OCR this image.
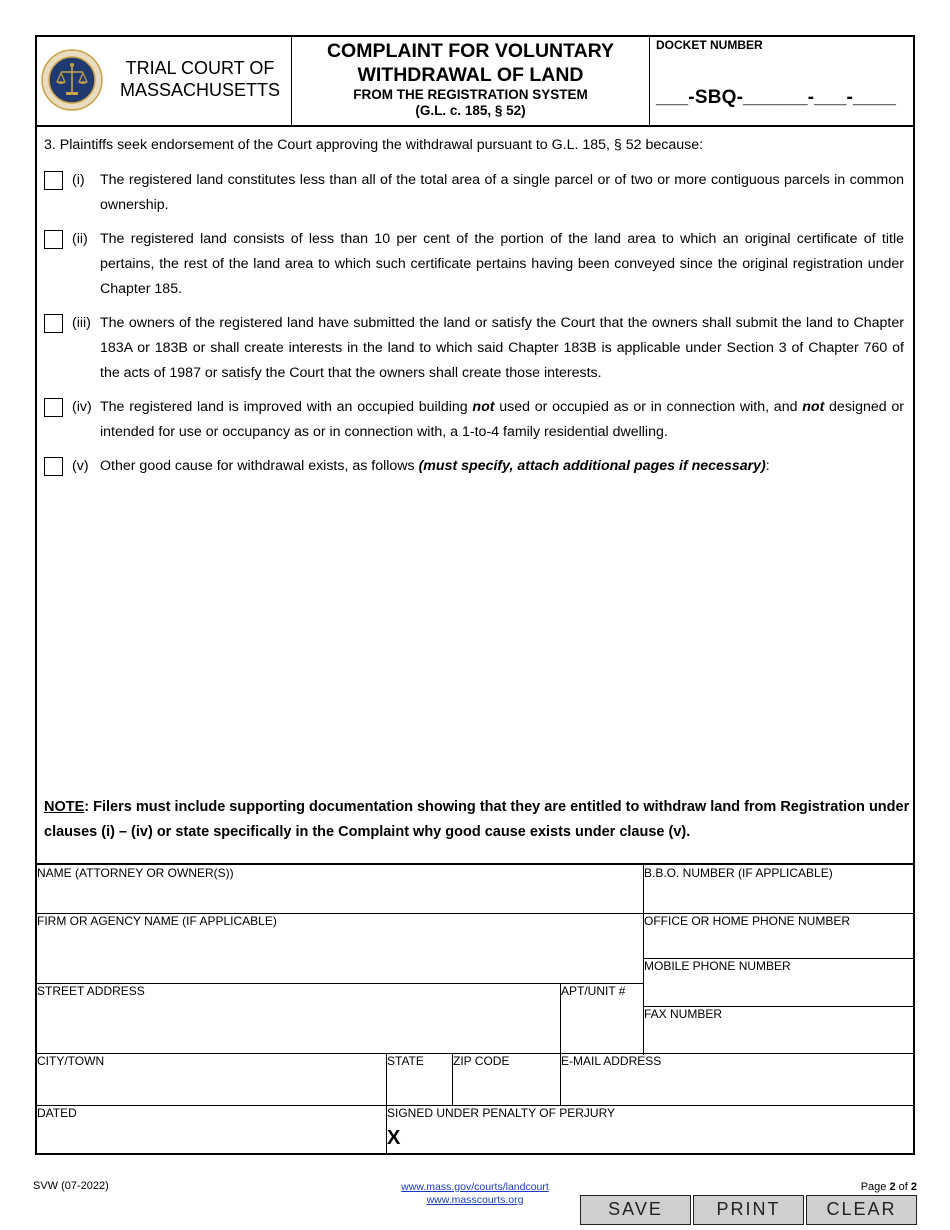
TRIAL COURT OF
MASSACHUSETTS
COMPLAINT FOR VOLUNTARY
WITHDRAWAL OF LAND
FROM THE REGISTRATION SYSTEM
(G.L. c. 185, § 52)
DOCKET NUMBER
___-SBQ-______-___-____
3. Plaintiffs seek endorsement of the Court approving the withdrawal pursuant to G.L. 185, § 52 because:
(i) The registered land constitutes less than all of the total area of a single parcel or of two or more contiguous parcels in common ownership.
(ii) The registered land consists of less than 10 per cent of the portion of the land area to which an original certificate of title pertains, the rest of the land area to which such certificate pertains having been conveyed since the original registration under Chapter 185.
(iii) The owners of the registered land have submitted the land or satisfy the Court that the owners shall submit the land to Chapter 183A or 183B or shall create interests in the land to which said Chapter 183B is applicable under Section 3 of Chapter 760 of the acts of 1987 or satisfy the Court that the owners shall create those interests.
(iv) The registered land is improved with an occupied building not used or occupied as or in connection with, and not designed or intended for use or occupancy as or in connection with, a 1-to-4 family residential dwelling.
(v) Other good cause for withdrawal exists, as follows (must specify, attach additional pages if necessary):
NOTE: Filers must include supporting documentation showing that they are entitled to withdraw land from Registration under clauses (i) – (iv) or state specifically in the Complaint why good cause exists under clause (v).
NAME (ATTORNEY OR OWNER(S))	B.B.O. NUMBER (IF APPLICABLE)
FIRM OR AGENCY NAME (IF APPLICABLE)	OFFICE OR HOME PHONE NUMBER
MOBILE PHONE NUMBER
STREET ADDRESS	APT/UNIT #
FAX NUMBER
CITY/TOWN	STATE ZIP CODE	E-MAIL ADDRESS
DATED	SIGNED UNDER PENALTY OF PERJURY
X
SVW (07-2022)	www.mass.gov/courts/landcourt
www.masscourts.org
Page 2 of 2
SAVE	PRINT	CLEAR
